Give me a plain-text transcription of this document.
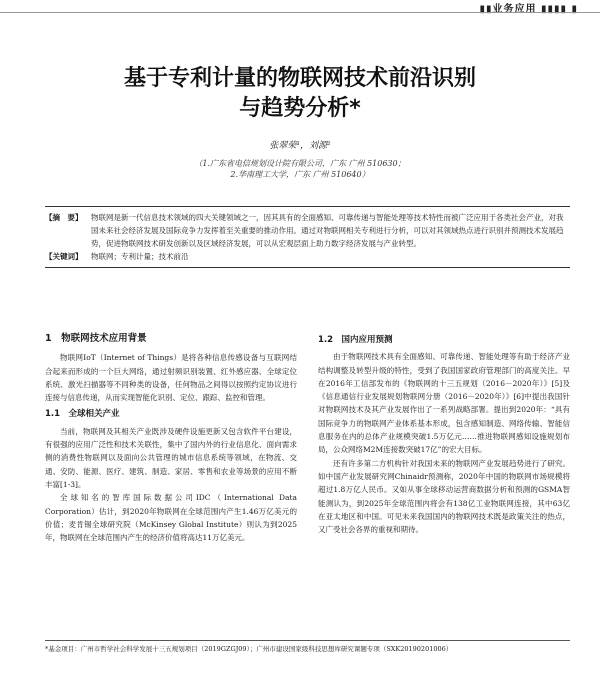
▮▮业务应用 ▮▮▮▮ ▮
基于专利计量的物联网技术前沿识别
与趋势分析*
张翠荣¹，刘源²
（1.广东省电信规划设计院有限公司，广东 广州 510630；
2.华南理工大学，广东 广州 510640）
【摘　要】	物联网是新一代信息技术领域的四大关键领域之一，因其具有的全面感知、可靠传递与智能处理等技术特性而被广泛应用于各类社会产业，对我国未来社会经济发展及国际竞争力发挥着至关重要的推动作用。通过对物联网相关专利进行分析，可以对其领域热点进行识别并预测技术发展趋势，促进物联网技术研发创新以及区域经济发展，可以从宏观层面上助力数字经济发展与产业转型。
【关键词】	物联网；专利计量；技术前沿
1　物联网技术应用背景

物联网IoT（Internet of Things）是将各种信息传感设备与互联网结合起来而形成的一个巨大网络，通过射频识别装置、红外感应器、全球定位系统、激光扫描器等不同种类的设备，任何物品之间得以按照约定协议进行连接与信息传递，从而实现智能化识别、定位、跟踪、监控和管理。

1.1　全球相关产业

当前，物联网及其相关产业既涉及硬件设施更新又包含软件平台建设，有很强的应用广泛性和技术关联性，集中了国内外的行业信息化、面向需求侧的消费性物联网以及面向公共管理的城市信息系统等领域，在物流、交通、安防、能源、医疗、建筑、制造、家居、零售和农业等场景的应用不断丰富[1-3]。

全球知名的智库国际数据公司IDC（International Data Corporation）估计，到2020年物联网在全球范围内产生1.46万亿美元的价值；麦肯锡全球研究院（McKinsey Global Institute）则认为到2025年，物联网在全球范围内产生的经济价值将高达11万亿美元。

1.2　国内应用预测

由于物联网技术具有全面感知、可靠传递、智能处理等有助于经济产业结构调整及转型升级的特性，受到了我国国家政府管理部门的高度关注。早在2016年工信部发布的《物联网的十三五规划（2016－2020年）》[5]及《信息通信行业发展规划物联网分册（2016－2020年）》[6]中提出我国针对物联网技术及其产业发展作出了一系列战略部署。提出到2020年：“具有国际竞争力的物联网产业体系基本形成，包含感知制造、网络传输、智能信息服务在内的总体产业规模突破1.5万亿元……推进物联网感知设施规划布局，公众网络M2M连接数突破17亿”的宏大目标。

还有许多第二方机构针对我国未来的物联网产业发展趋势进行了研究。如中国产业发展研究网Chinaidr预测称，2020年中国的物联网市场规模将超过1.8万亿人民币。又如从事全球移动运营商数据分析和预测的GSMA智能测认为，到2025年全球范围内将会有138亿工业物联网连接，其中63亿在亚太地区和中国。可见未来我国国内的物联网技术既是政策关注的热点，又广受社会各界的重视和期待。

*基金项目：广州市哲学社会科学发展十三五规划项目（2019GZGJ09）；广州市建设国家级科技思想库研究课题专项（SXK20190201006）
